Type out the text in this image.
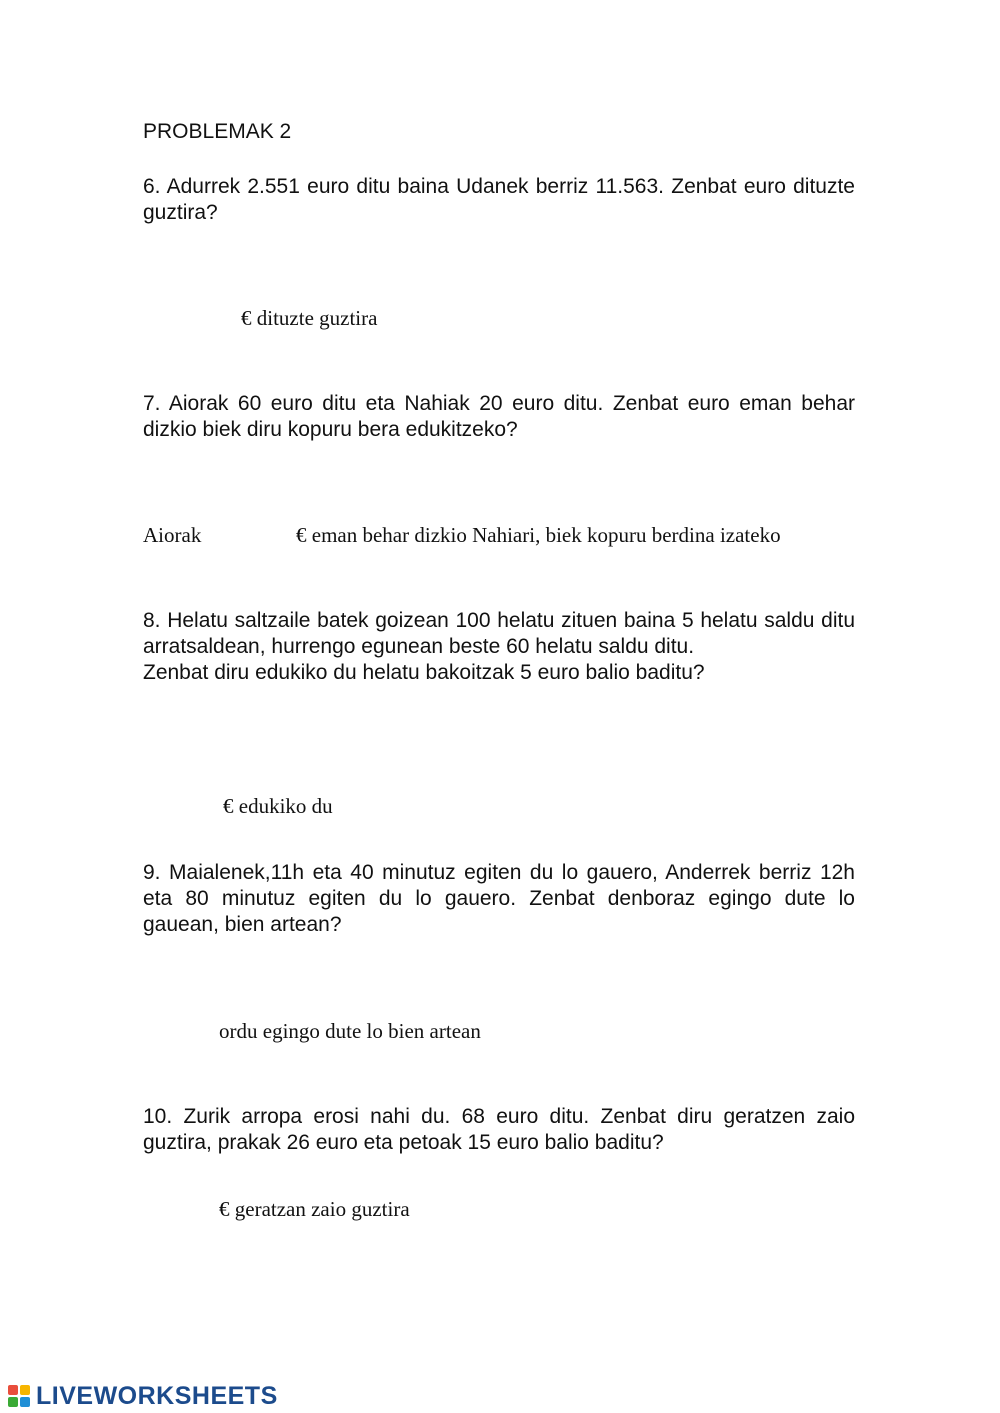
PROBLEMAK 2

6. Adurrek 2.551 euro ditu baina Udanek berriz 11.563. Zenbat euro dituzte guztira?

€ dituzte guztira

7. Aiorak 60 euro ditu eta Nahiak 20 euro ditu. Zenbat euro eman behar dizkio biek diru kopuru bera edukitzeko?

Aiorak	€ eman behar dizkio Nahiari, biek kopuru berdina izateko

8. Helatu saltzaile batek goizean 100 helatu zituen baina 5 helatu saldu ditu arratsaldean, hurrengo egunean beste 60 helatu saldu ditu.

Zenbat diru edukiko du helatu bakoitzak 5 euro balio baditu?

€ edukiko du

9. Maialenek,11h eta 40 minutuz egiten du lo gauero, Anderrek berriz 12h eta 80 minutuz egiten du lo gauero. Zenbat denboraz egingo dute lo gauean, bien artean?

ordu egingo dute lo bien artean

10. Zurik arropa erosi nahi du. 68 euro ditu. Zenbat diru geratzen zaio guztira, prakak 26 euro eta petoak 15 euro balio baditu?

€ geratzan zaio guztira
LIVEWORKSHEETS
